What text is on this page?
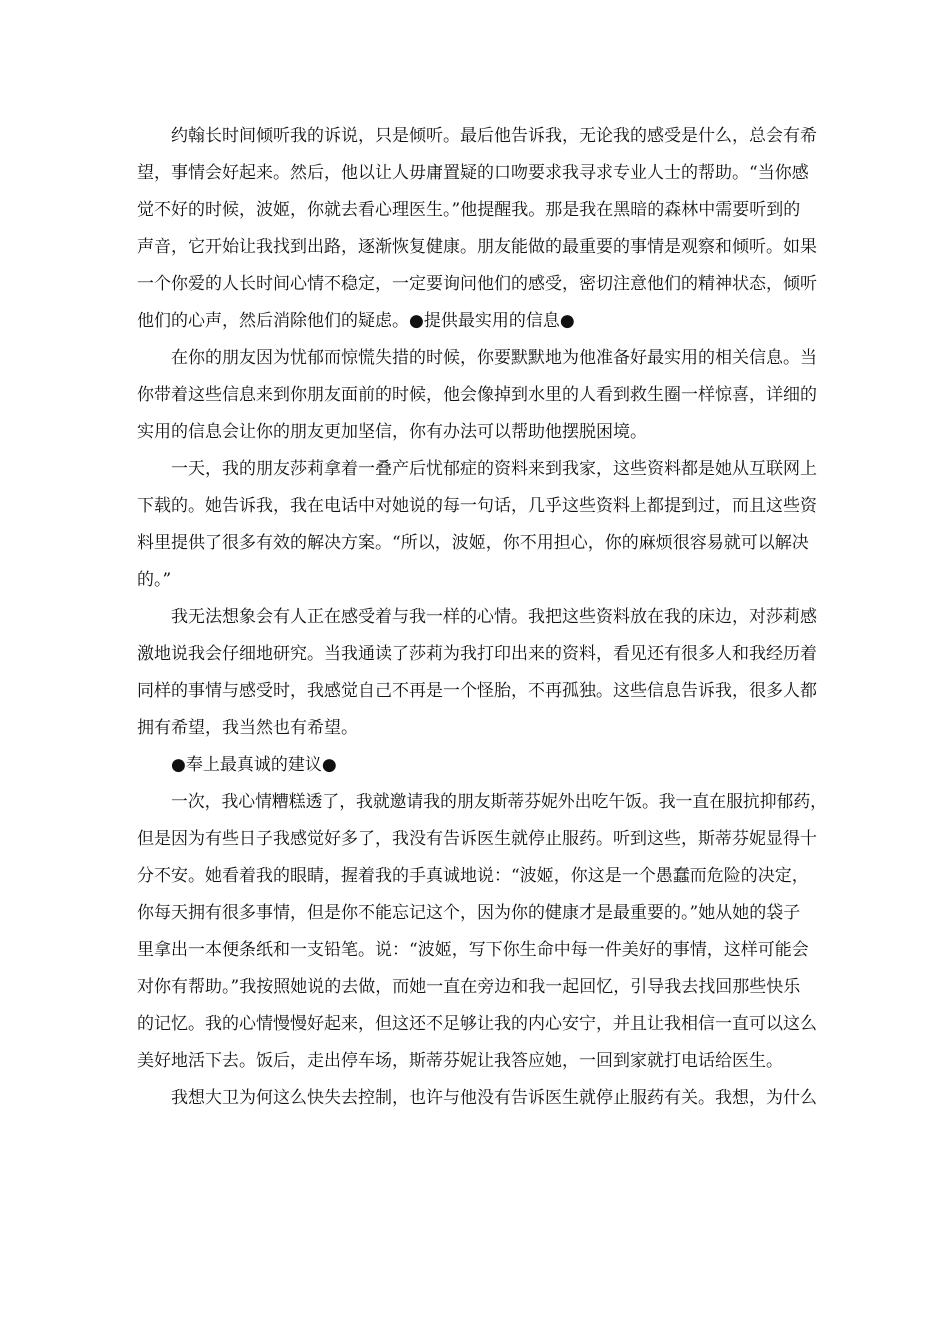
约翰长时间倾听我的诉说，只是倾听。最后他告诉我，无论我的感受是什么，总会有希
望，事情会好起来。然后，他以让人毋庸置疑的口吻要求我寻求专业人士的帮助。“当你感
觉不好的时候，波姬，你就去看心理医生。”他提醒我。那是我在黑暗的森林中需要听到的
声音，它开始让我找到出路，逐渐恢复健康。朋友能做的最重要的事情是观察和倾听。如果
一个你爱的人长时间心情不稳定，一定要询问他们的感受，密切注意他们的精神状态，倾听
他们的心声，然后消除他们的疑虑。●提供最实用的信息●
在你的朋友因为忧郁而惊慌失措的时候，你要默默地为他准备好最实用的相关信息。当
你带着这些信息来到你朋友面前的时候，他会像掉到水里的人看到救生圈一样惊喜，详细的
实用的信息会让你的朋友更加坚信，你有办法可以帮助他摆脱困境。
一天，我的朋友莎莉拿着一叠产后忧郁症的资料来到我家，这些资料都是她从互联网上
下载的。她告诉我，我在电话中对她说的每一句话，几乎这些资料上都提到过，而且这些资
料里提供了很多有效的解决方案。“所以，波姬，你不用担心，你的麻烦很容易就可以解决
的。”
我无法想象会有人正在感受着与我一样的心情。我把这些资料放在我的床边，对莎莉感
激地说我会仔细地研究。当我通读了莎莉为我打印出来的资料，看见还有很多人和我经历着
同样的事情与感受时，我感觉自己不再是一个怪胎，不再孤独。这些信息告诉我，很多人都
拥有希望，我当然也有希望。
●奉上最真诚的建议●
一次，我心情糟糕透了，我就邀请我的朋友斯蒂芬妮外出吃午饭。我一直在服抗抑郁药，
但是因为有些日子我感觉好多了，我没有告诉医生就停止服药。听到这些，斯蒂芬妮显得十
分不安。她看着我的眼睛，握着我的手真诚地说：“波姬，你这是一个愚蠢而危险的决定，
你每天拥有很多事情，但是你不能忘记这个，因为你的健康才是最重要的。”她从她的袋子
里拿出一本便条纸和一支铅笔。说：“波姬，写下你生命中每一件美好的事情，这样可能会
对你有帮助。”我按照她说的去做，而她一直在旁边和我一起回忆，引导我去找回那些快乐
的记忆。我的心情慢慢好起来，但这还不足够让我的内心安宁，并且让我相信一直可以这么
美好地活下去。饭后，走出停车场，斯蒂芬妮让我答应她，一回到家就打电话给医生。
我想大卫为何这么快失去控制，也许与他没有告诉医生就停止服药有关。我想，为什么
